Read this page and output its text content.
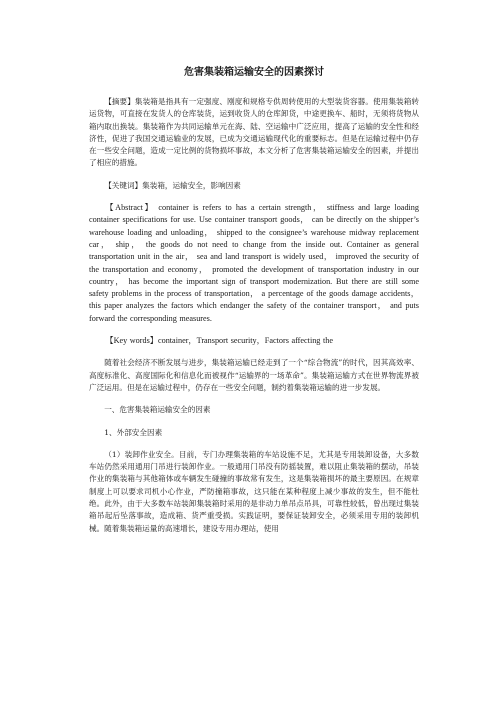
危害集装箱运输安全的因素探讨
【摘要】集装箱是指具有一定强度、刚度和规格专供周转使用的大型装货容器。使用集装箱转运货物，可直接在发货人的仓库装货，运到收货人的仓库卸货，中途更换车、船时，无须将货物从箱内取出换装。集装箱作为共同运输单元在海、陆、空运输中广泛应用，提高了运输的安全性和经济性，促进了我国交通运输业的发展，已成为交通运输现代化的重要标志。但是在运输过程中仍存在一些安全问题，造成一定比例的货物损坏事故，本文分析了危害集装箱运输安全的因素，并提出了相应的措施。
【关键词】集装箱，运输安全，影响因素
【Abstract】 container is refers to has a certain strength， stiffness and large loading container specifications for use. Use container transport goods， can be directly on the shipper’s warehouse loading and unloading， shipped to the consignee’s warehouse midway replacement car， ship， the goods do not need to change from the inside out. Container as general transportation unit in the air， sea and land transport is widely used， improved the security of the transportation and economy， promoted the development of transportation industry in our country， has become the important sign of transport modernization. But there are still some safety problems in the process of transportation， a percentage of the goods damage accidents， this paper analyzes the factors which endanger the safety of the container transport， and puts forward the corresponding measures.
【Key words】container，Transport security，Factors affecting the
随着社会经济不断发展与进步，集装箱运输已经走到了一个“综合物流”的时代，因其高效率、高度标准化、高度国际化和信息化而被视作“运输界的一场革命”。集装箱运输方式在世界物流界被广泛运用。但是在运输过程中，仍存在一些安全问题，制约着集装箱运输的进一步发展。
一、危害集装箱运输安全的因素
1、外部安全因素
（1）装卸作业安全。目前，专门办理集装箱的车站设施不足，尤其是专用装卸设备，大多数车站仍然采用通用门吊进行装卸作业。一般通用门吊没有防摇装置，难以阻止集装箱的摆动，吊装作业的集装箱与其他箱体或车辆发生碰撞的事故常有发生，这是集装箱损坏的最主要原因。在规章制度上可以要求司机小心作业，严防撞箱事故，这只能在某种程度上减少事故的发生，但不能杜绝。此外，由于大多数车站装卸集装箱时采用的是非动力单吊点吊具，可靠性较低，曾出现过集装箱吊起后坠落事故，造成箱、货严重受损。实践证明，要保证装卸安全，必须采用专用的装卸机械。随着集装箱运量的高速增长，建设专用办理站，使用
